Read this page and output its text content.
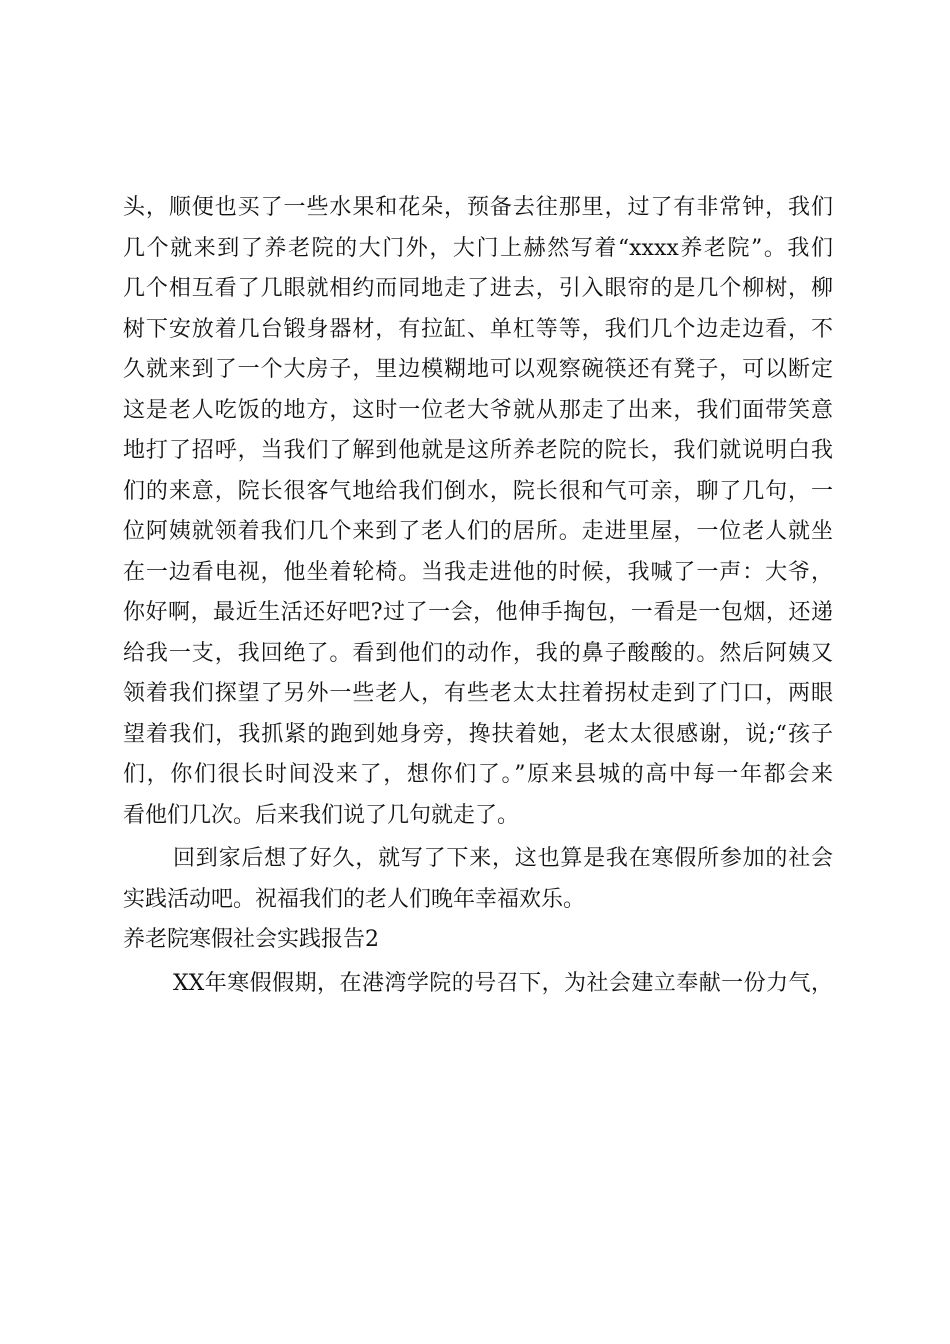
头，顺便也买了一些水果和花朵，预备去往那里，过了有非常钟，我们
几个就来到了养老院的大门外，大门上赫然写着“xxxx养老院”。我们
几个相互看了几眼就相约而同地走了进去，引入眼帘的是几个柳树，柳
树下安放着几台锻身器材，有拉缸、单杠等等，我们几个边走边看，不
久就来到了一个大房子，里边模糊地可以观察碗筷还有凳子，可以断定
这是老人吃饭的地方，这时一位老大爷就从那走了出来，我们面带笑意
地打了招呼，当我们了解到他就是这所养老院的院长，我们就说明白我
们的来意，院长很客气地给我们倒水，院长很和气可亲，聊了几句，一
位阿姨就领着我们几个来到了老人们的居所。走进里屋，一位老人就坐
在一边看电视，他坐着轮椅。当我走进他的时候，我喊了一声：大爷，
你好啊，最近生活还好吧?过了一会，他伸手掏包，一看是一包烟，还递
给我一支，我回绝了。看到他们的动作，我的鼻子酸酸的。然后阿姨又
领着我们探望了另外一些老人，有些老太太拄着拐杖走到了门口，两眼
望着我们，我抓紧的跑到她身旁，搀扶着她，老太太很感谢，说;“孩子
们，你们很长时间没来了，想你们了。”原来县城的高中每一年都会来
看他们几次。后来我们说了几句就走了。

回到家后想了好久，就写了下来，这也算是我在寒假所参加的社会
实践活动吧。祝福我们的老人们晚年幸福欢乐。

养老院寒假社会实践报告2

XX年寒假假期，在港湾学院的号召下，为社会建立奉献一份力气，
